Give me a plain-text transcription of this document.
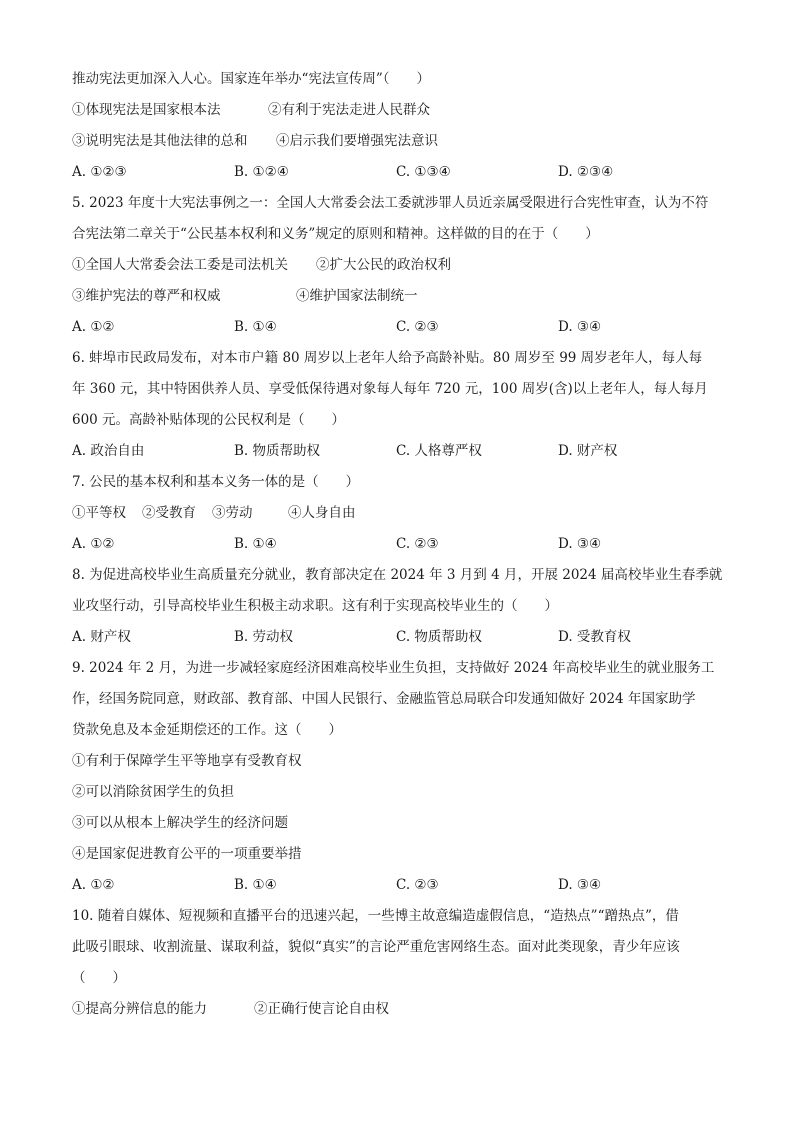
推动宪法更加深入人心。国家连年举办“宪法宣传周”（　　）
①体现宪法是国家根本法	②有利于宪法走进人民群众
③说明宪法是其他法律的总和 ④启示我们要增强宪法意识
A. ①②③	B. ①②④	C. ①③④	D. ②③④
5. 2023 年度十大宪法事例之一：全国人大常委会法工委就涉罪人员近亲属受限进行合宪性审查，认为不符
合宪法第二章关于“公民基本权利和义务”规定的原则和精神。这样做的目的在于（　　）
①全国人大常委会法工委是司法机关 ②扩大公民的政治权利
③维护宪法的尊严和权威	④维护国家法制统一
A. ①②	B. ①④	C. ②③	D. ③④
6. 蚌埠市民政局发布，对本市户籍 80 周岁以上老年人给予高龄补贴。80 周岁至 99 周岁老年人，每人每
年 360 元，其中特困供养人员、享受低保待遇对象每人每年 720 元，100 周岁(含)以上老年人，每人每月
600 元。高龄补贴体现的公民权利是（　　）
A. 政治自由	B. 物质帮助权	C. 人格尊严权	D. 财产权
7. 公民的基本权利和基本义务一体的是（　　）
①平等权 ②受教育 ③劳动	④人身自由
A. ①②	B. ①④	C. ②③	D. ③④
8. 为促进高校毕业生高质量充分就业，教育部决定在 2024 年 3 月到 4 月，开展 2024 届高校毕业生春季就
业攻坚行动，引导高校毕业生积极主动求职。这有利于实现高校毕业生的（　　）
A. 财产权	B. 劳动权	C. 物质帮助权	D. 受教育权
9. 2024 年 2 月，为进一步减轻家庭经济困难高校毕业生负担，支持做好 2024 年高校毕业生的就业服务工
作，经国务院同意，财政部、教育部、中国人民银行、金融监管总局联合印发通知做好 2024 年国家助学
贷款免息及本金延期偿还的工作。这（　　）
①有利于保障学生平等地享有受教育权
②可以消除贫困学生的负担
③可以从根本上解决学生的经济问题
④是国家促进教育公平的一项重要举措
A. ①②	B. ①④	C. ②③	D. ③④
10. 随着自媒体、短视频和直播平台的迅速兴起，一些博主故意编造虚假信息，“造热点”“蹭热点”，借
此吸引眼球、收割流量、谋取利益，貌似“真实”的言论严重危害网络生态。面对此类现象，青少年应该
（　　）
①提高分辨信息的能力	②正确行使言论自由权
